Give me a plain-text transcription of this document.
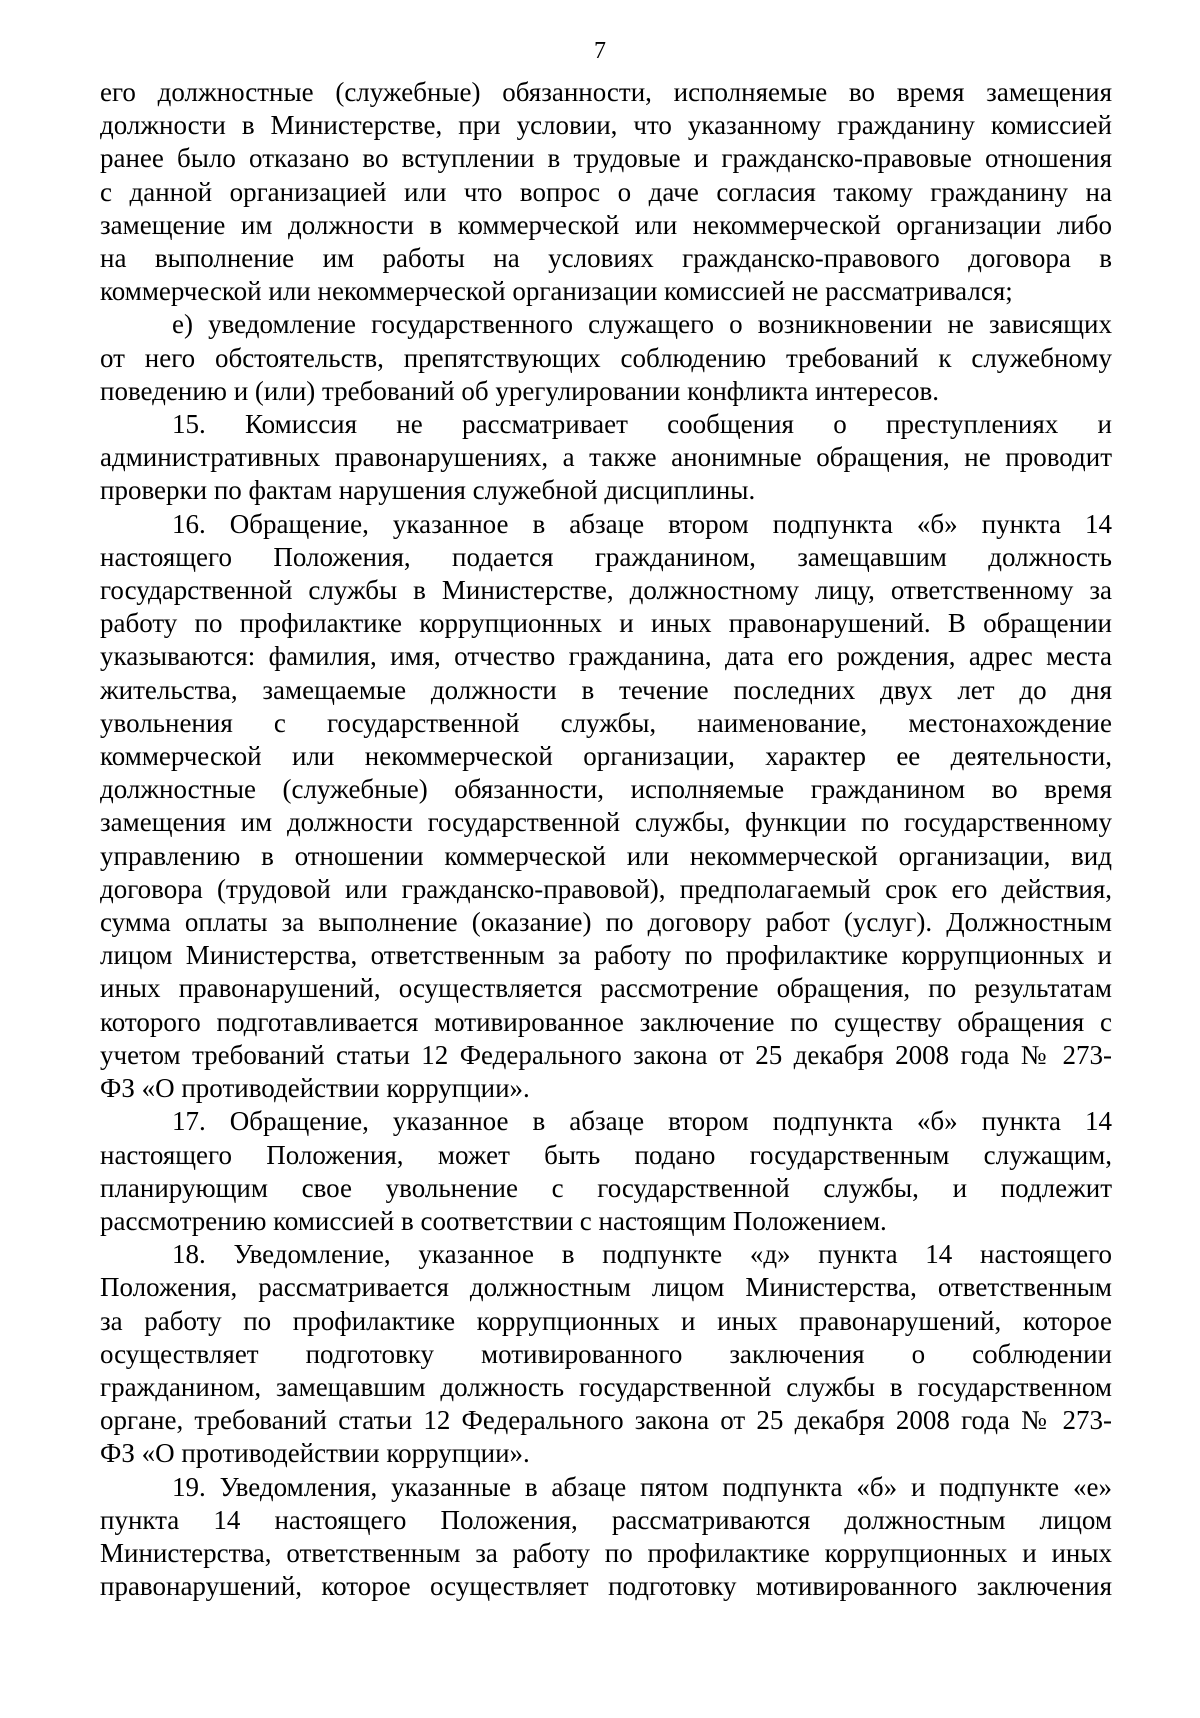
7

его должностные (служебные) обязанности, исполняемые во время замещения
должности в Министерстве, при условии, что указанному гражданину комиссией
ранее было отказано во вступлении в трудовые и гражданско-правовые отношения
с данной организацией или что вопрос о даче согласия такому гражданину на
замещение им должности в коммерческой или некоммерческой организации либо
на выполнение им работы на условиях гражданско-правового договора в
коммерческой или некоммерческой организации комиссией не рассматривался;

е) уведомление государственного служащего о возникновении не зависящих
от него обстоятельств, препятствующих соблюдению требований к служебному
поведению и (или) требований об урегулировании конфликта интересов.

15. Комиссия не рассматривает сообщения о преступлениях и
административных правонарушениях, а также анонимные обращения, не проводит
проверки по фактам нарушения служебной дисциплины.

16. Обращение, указанное в абзаце втором подпункта «б» пункта 14
настоящего Положения, подается гражданином, замещавшим должность
государственной службы в Министерстве, должностному лицу, ответственному за
работу по профилактике коррупционных и иных правонарушений. В обращении
указываются: фамилия, имя, отчество гражданина, дата его рождения, адрес места
жительства, замещаемые должности в течение последних двух лет до дня
увольнения с государственной службы, наименование, местонахождение
коммерческой или некоммерческой организации, характер ее деятельности,
должностные (служебные) обязанности, исполняемые гражданином во время
замещения им должности государственной службы, функции по государственному
управлению в отношении коммерческой или некоммерческой организации, вид
договора (трудовой или гражданско-правовой), предполагаемый срок его действия,
сумма оплаты за выполнение (оказание) по договору работ (услуг). Должностным
лицом Министерства, ответственным за работу по профилактике коррупционных и
иных правонарушений, осуществляется рассмотрение обращения, по результатам
которого подготавливается мотивированное заключение по существу обращения с
учетом требований статьи 12 Федерального закона от 25 декабря 2008 года № 273-
ФЗ «О противодействии коррупции».

17. Обращение, указанное в абзаце втором подпункта «б» пункта 14
настоящего Положения, может быть подано государственным служащим,
планирующим свое увольнение с государственной службы, и подлежит
рассмотрению комиссией в соответствии с настоящим Положением.

18. Уведомление, указанное в подпункте «д» пункта 14 настоящего
Положения, рассматривается должностным лицом Министерства, ответственным
за работу по профилактике коррупционных и иных правонарушений, которое
осуществляет подготовку мотивированного заключения о соблюдении
гражданином, замещавшим должность государственной службы в государственном
органе, требований статьи 12 Федерального закона от 25 декабря 2008 года № 273-
ФЗ «О противодействии коррупции».

19. Уведомления, указанные в абзаце пятом подпункта «б» и подпункте «е»
пункта 14 настоящего Положения, рассматриваются должностным лицом
Министерства, ответственным за работу по профилактике коррупционных и иных
правонарушений, которое осуществляет подготовку мотивированного заключения
